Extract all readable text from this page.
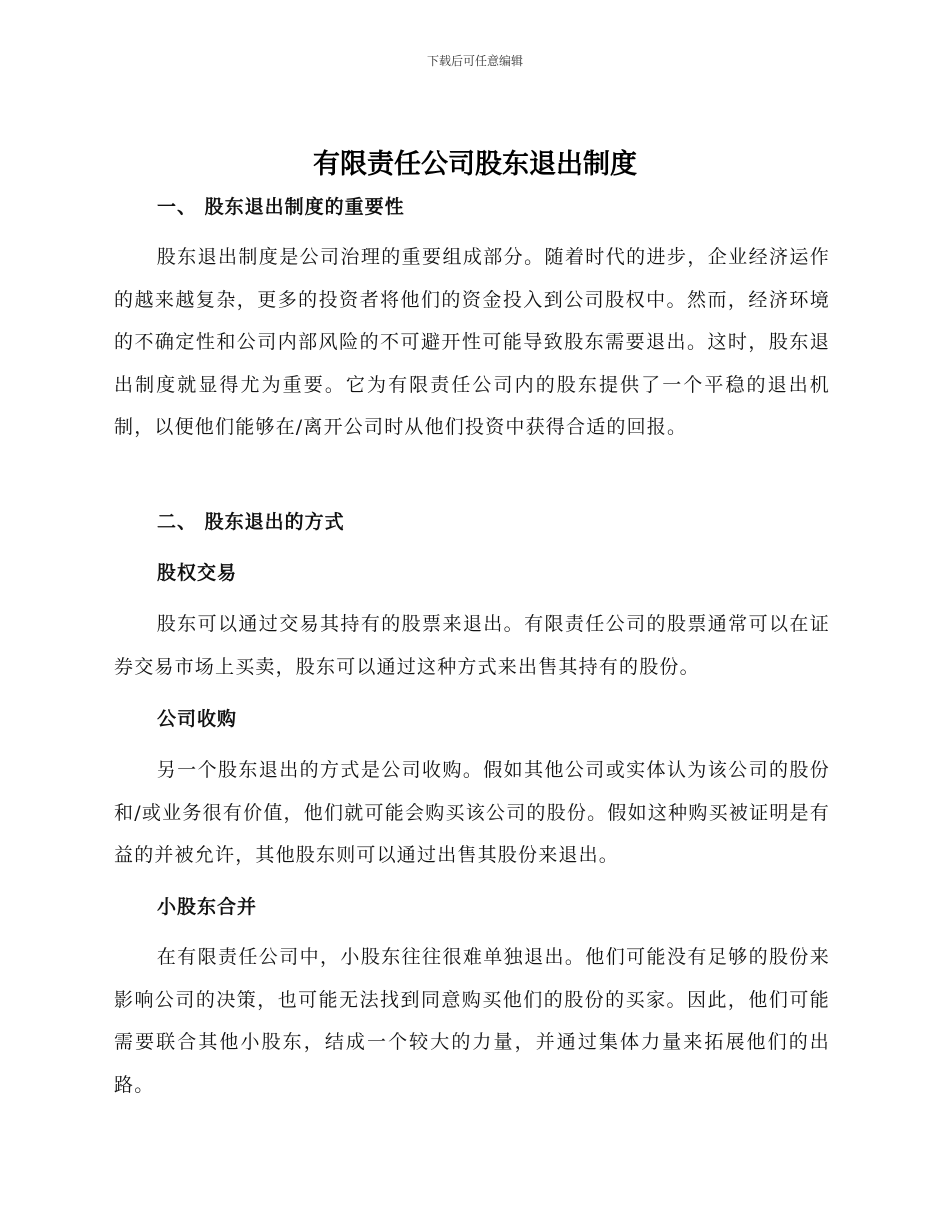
下载后可任意编辑
有限责任公司股东退出制度
一、 股东退出制度的重要性
股东退出制度是公司治理的重要组成部分。随着时代的进步，企业经济运作的越来越复杂，更多的投资者将他们的资金投入到公司股权中。然而，经济环境的不确定性和公司内部风险的不可避开性可能导致股东需要退出。这时，股东退出制度就显得尤为重要。它为有限责任公司内的股东提供了一个平稳的退出机制，以便他们能够在/离开公司时从他们投资中获得合适的回报。
二、 股东退出的方式
股权交易
股东可以通过交易其持有的股票来退出。有限责任公司的股票通常可以在证券交易市场上买卖，股东可以通过这种方式来出售其持有的股份。
公司收购
另一个股东退出的方式是公司收购。假如其他公司或实体认为该公司的股份和/或业务很有价值，他们就可能会购买该公司的股份。假如这种购买被证明是有益的并被允许，其他股东则可以通过出售其股份来退出。
小股东合并
在有限责任公司中，小股东往往很难单独退出。他们可能没有足够的股份来影响公司的决策，也可能无法找到同意购买他们的股份的买家。因此，他们可能需要联合其他小股东，结成一个较大的力量，并通过集体力量来拓展他们的出路。
